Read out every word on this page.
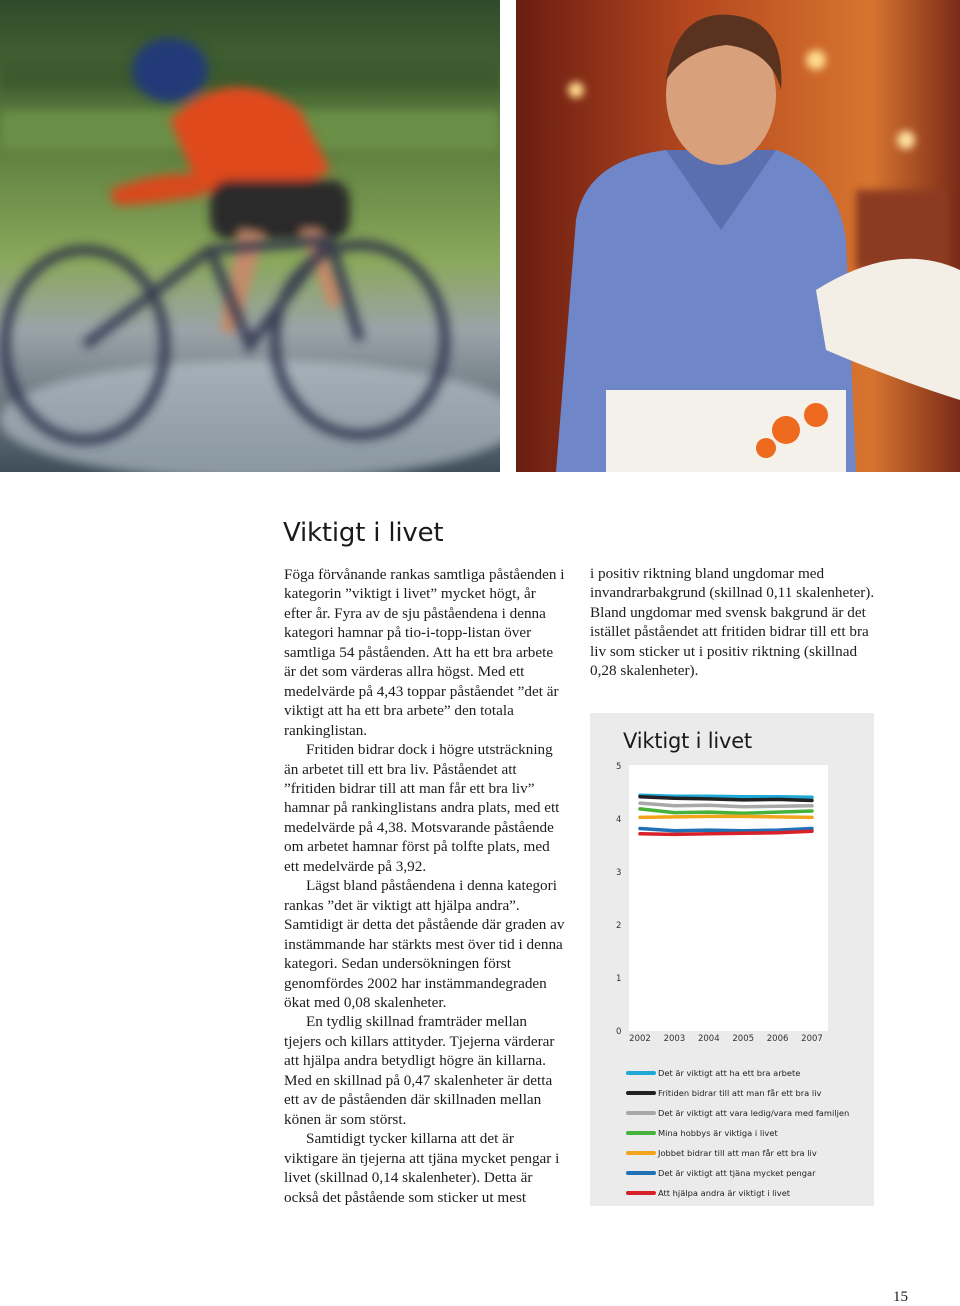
Viktigt i livet

Föga förvånande rankas samtliga påståenden i kategorin ”viktigt i livet” mycket högt, år efter år. Fyra av de sju påståendena i denna kategori hamnar på tio-i-topp-listan över samtliga 54 påståenden. Att ha ett bra arbete är det som värderas allra högst. Med ett medelvärde på 4,43 toppar påståendet ”det är viktigt att ha ett bra arbete” den totala rankinglistan.

Fritiden bidrar dock i högre utsträckning än arbetet till ett bra liv. Påståendet att ”fritiden bidrar till att man får ett bra liv” hamnar på rankinglistans andra plats, med ett medelvärde på 4,38. Motsvarande påstående om arbetet hamnar först på tolfte plats, med ett medelvärde på 3,92.

Lägst bland påståendena i denna kategori rankas ”det är viktigt att hjälpa andra”. Samtidigt är detta det påstående där graden av instämmande har stärkts mest över tid i denna kategori. Sedan undersökningen först genomfördes 2002 har instämmandegraden ökat med 0,08 skalenheter.

En tydlig skillnad framträder mellan tjejers och killars attityder. Tjejerna värderar att hjälpa andra betydligt högre än killarna. Med en skillnad på 0,47 skalenheter är detta ett av de påståenden där skillnaden mellan könen är som störst.

Samtidigt tycker killarna att det är viktigare än tjejerna att tjäna mycket pengar i livet (skillnad 0,14 skalenheter). Detta är också det påstående som sticker ut mest

i positiv riktning bland ungdomar med invandrarbakgrund (skillnad 0,11 skalenheter). Bland ungdomar med svensk bakgrund är det istället påståendet att fritiden bidrar till ett bra liv som sticker ut i positiv riktning (skillnad 0,28 skalenheter).

0
1
2
3
4
5
2002 2003 2004 2005 2006 2007
Viktigt i livet
Det är viktigt att ha ett bra arbete
Fritiden bidrar till att man får ett bra liv
Det är viktigt att vara ledig/vara med familjen
Mina hobbys är viktiga i livet
Jobbet bidrar till att man får ett bra liv
Det är viktigt att tjäna mycket pengar
Att hjälpa andra är viktigt i livet
15
